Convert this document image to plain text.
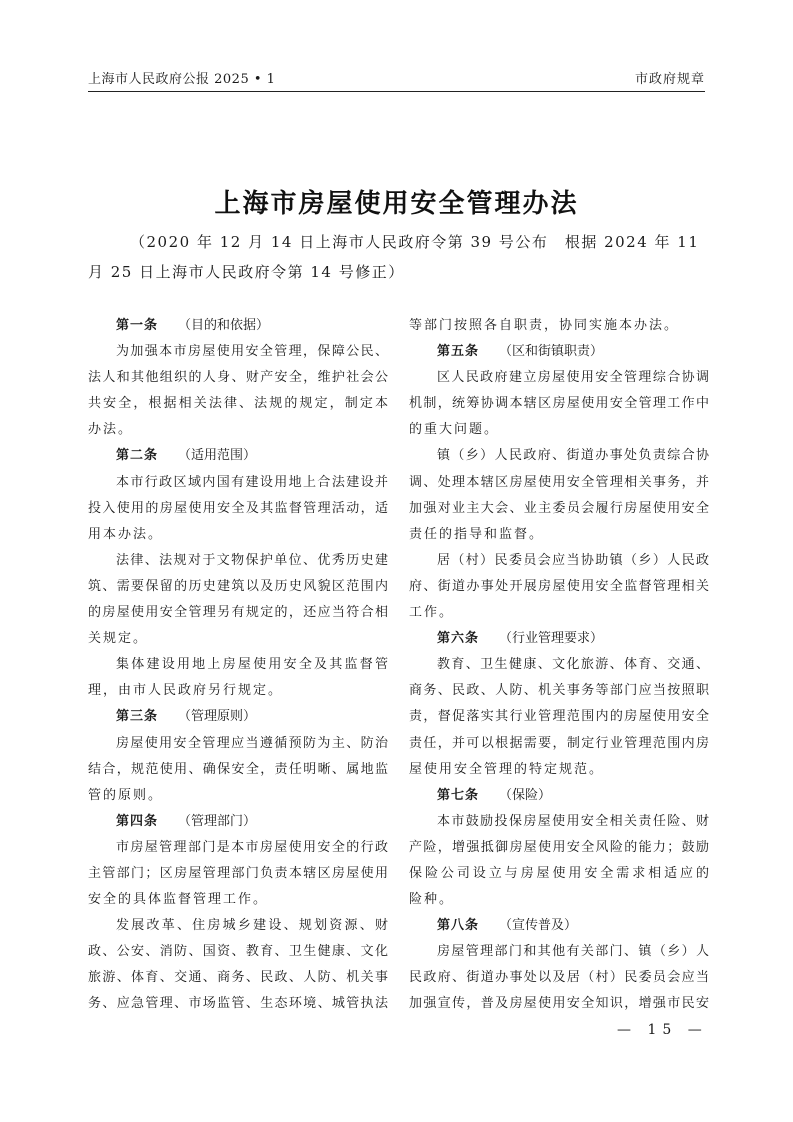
上海市人民政府公报 2025 • 1	市政府规章
上海市房屋使用安全管理办法
（2020 年 12 月 14 日上海市人民政府令第 39 号公布　根据 2024 年 11
月 25 日上海市人民政府令第 14 号修正）
第一条 （目的和依据）
为加强本市房屋使用安全管理，保障公民、
法人和其他组织的人身、财产安全，维护社会公
共安全，根据相关法律、法规的规定，制定本
办法。
第二条 （适用范围）
本市行政区域内国有建设用地上合法建设并
投入使用的房屋使用安全及其监督管理活动，适
用本办法。
法律、法规对于文物保护单位、优秀历史建
筑、需要保留的历史建筑以及历史风貌区范围内
的房屋使用安全管理另有规定的，还应当符合相
关规定。
集体建设用地上房屋使用安全及其监督管
理，由市人民政府另行规定。
第三条 （管理原则）
房屋使用安全管理应当遵循预防为主、防治
结合，规范使用、确保安全，责任明晰、属地监
管的原则。
第四条 （管理部门）
市房屋管理部门是本市房屋使用安全的行政
主管部门；区房屋管理部门负责本辖区房屋使用
安全的具体监督管理工作。
发展改革、住房城乡建设、规划资源、财
政、公安、消防、国资、教育、卫生健康、文化
旅游、体育、交通、商务、民政、人防、机关事
务、应急管理、市场监管、生态环境、城管执法
等部门按照各自职责，协同实施本办法。
第五条 （区和街镇职责）
区人民政府建立房屋使用安全管理综合协调
机制，统筹协调本辖区房屋使用安全管理工作中
的重大问题。
镇（乡）人民政府、街道办事处负责综合协
调、处理本辖区房屋使用安全管理相关事务，并
加强对业主大会、业主委员会履行房屋使用安全
责任的指导和监督。
居（村）民委员会应当协助镇（乡）人民政
府、街道办事处开展房屋使用安全监督管理相关
工作。
第六条 （行业管理要求）
教育、卫生健康、文化旅游、体育、交通、
商务、民政、人防、机关事务等部门应当按照职
责，督促落实其行业管理范围内的房屋使用安全
责任，并可以根据需要，制定行业管理范围内房
屋使用安全管理的特定规范。
第七条 （保险）
本市鼓励投保房屋使用安全相关责任险、财
产险，增强抵御房屋使用安全风险的能力；鼓励
保险公司设立与房屋使用安全需求相适应的
险种。
第八条 （宣传普及）
房屋管理部门和其他有关部门、镇（乡）人
民政府、街道办事处以及居（村）民委员会应当
加强宣传，普及房屋使用安全知识，增强市民安
— 15 —
